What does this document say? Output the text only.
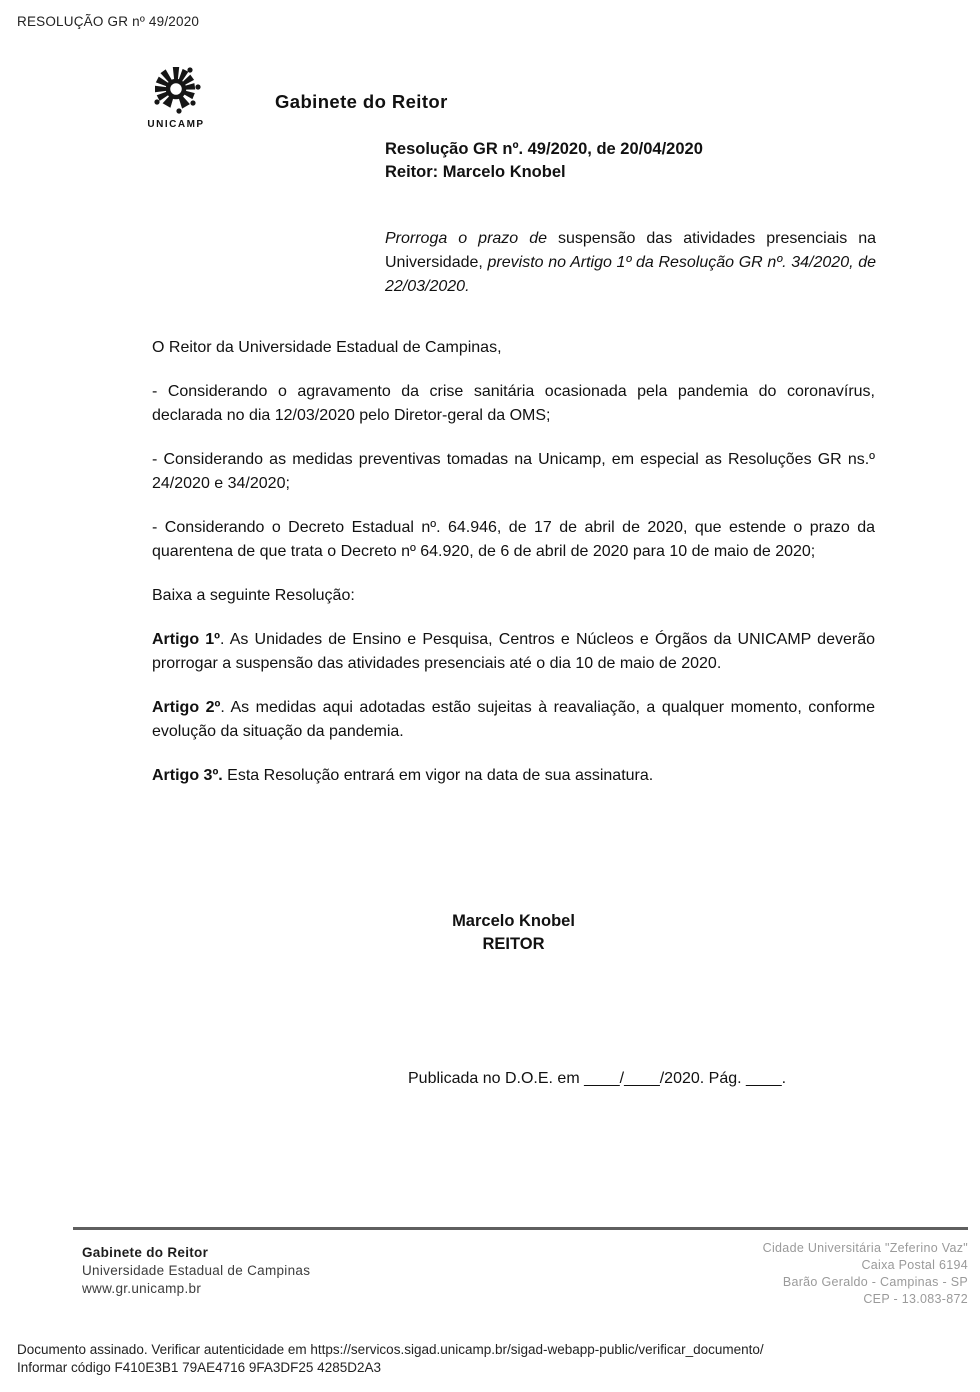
RESOLUÇÃO GR nº 49/2020
UNICAMP
Gabinete do Reitor
Resolução GR nº. 49/2020, de 20/04/2020
Reitor: Marcelo Knobel

Prorroga o prazo de suspensão das atividades presenciais na Universidade, previsto no Artigo 1º da Resolução GR nº. 34/2020, de 22/03/2020.

O Reitor da Universidade Estadual de Campinas,

- Considerando o agravamento da crise sanitária ocasionada pela pandemia do coronavírus, declarada no dia 12/03/2020 pelo Diretor-geral da OMS;

- Considerando as medidas preventivas tomadas na Unicamp, em especial as Resoluções GR ns.º 24/2020 e 34/2020;

- Considerando o Decreto Estadual nº. 64.946, de 17 de abril de 2020, que estende o prazo da quarentena de que trata o Decreto nº 64.920, de 6 de abril de 2020 para 10 de maio de 2020;

Baixa a seguinte Resolução:

Artigo 1º. As Unidades de Ensino e Pesquisa, Centros e Núcleos e Órgãos da UNICAMP deverão prorrogar a suspensão das atividades presenciais até o dia 10 de maio de 2020.

Artigo 2º. As medidas aqui adotadas estão sujeitas à reavaliação, a qualquer momento, conforme evolução da situação da pandemia.

Artigo 3º. Esta Resolução entrará em vigor na data de sua assinatura.

Marcelo Knobel
REITOR
Publicada no D.O.E. em ____/____/2020. Pág. ____.
Gabinete do Reitor
Universidade Estadual de Campinas
www.gr.unicamp.br
Cidade Universitária "Zeferino Vaz"
Caixa Postal 6194
Barão Geraldo - Campinas - SP
CEP - 13.083-872
Documento assinado. Verificar autenticidade em https://servicos.sigad.unicamp.br/sigad-webapp-public/verificar_documento/
Informar código F410E3B1 79AE4716 9FA3DF25 4285D2A3
